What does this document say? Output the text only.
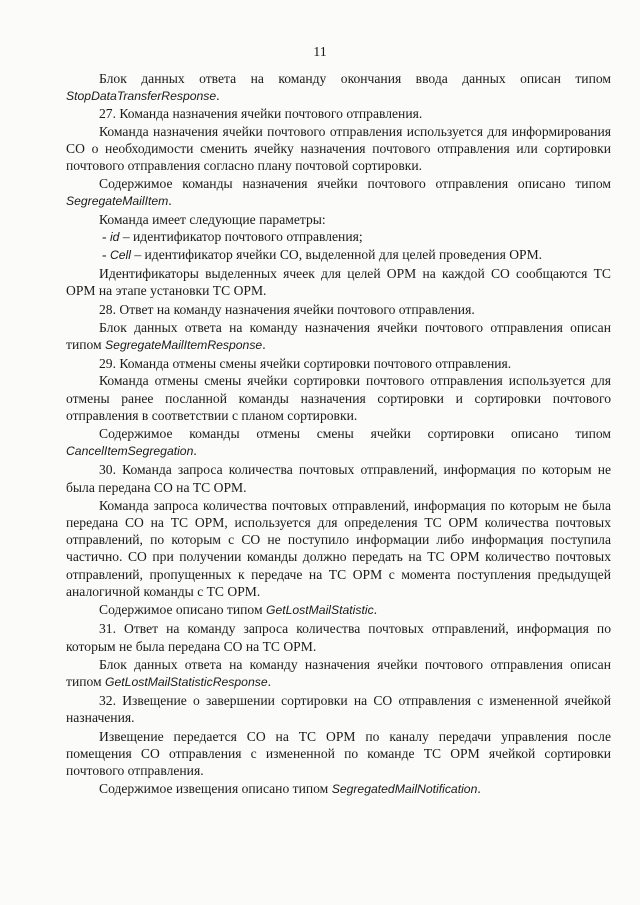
11

Блок данных ответа на команду окончания ввода данных описан типом StopDataTransferResponse.

27. Команда назначения ячейки почтового отправления.

Команда назначения ячейки почтового отправления используется для информирования СО о необходимости сменить ячейку назначения почтового отправления или сортировки почтового отправления согласно плану почтовой сортировки.

Содержимое команды назначения ячейки почтового отправления описано типом SegregateMailItem.

Команда имеет следующие параметры:

- id – идентификатор почтового отправления;

- Cell – идентификатор ячейки СО, выделенной для целей проведения ОРМ.

Идентификаторы выделенных ячеек для целей ОРМ на каждой СО сообщаются ТС ОРМ на этапе установки ТС ОРМ.

28. Ответ на команду назначения ячейки почтового отправления.

Блок данных ответа на команду назначения ячейки почтового отправления описан типом SegregateMailItemResponse.

29. Команда отмены смены ячейки сортировки почтового отправления.

Команда отмены смены ячейки сортировки почтового отправления используется для отмены ранее посланной команды назначения сортировки и сортировки почтового отправления в соответствии с планом сортировки.

Содержимое команды отмены смены ячейки сортировки описано типом CancelItemSegregation.

30. Команда запроса количества почтовых отправлений, информация по которым не была передана СО на ТС ОРМ.

Команда запроса количества почтовых отправлений, информация по которым не была передана СО на ТС ОРМ, используется для определения ТС ОРМ количества почтовых отправлений, по которым с СО не поступило информации либо информация поступила частично. СО при получении команды должно передать на ТС ОРМ количество почтовых отправлений, пропущенных к передаче на ТС ОРМ с момента поступления предыдущей аналогичной команды с ТС ОРМ.

Содержимое описано типом GetLostMailStatistic.

31. Ответ на команду запроса количества почтовых отправлений, информация по которым не была передана СО на ТС ОРМ.

Блок данных ответа на команду назначения ячейки почтового отправления описан типом GetLostMailStatisticResponse.

32. Извещение о завершении сортировки на СО отправления с измененной ячейкой назначения.

Извещение передается СО на ТС ОРМ по каналу передачи управления после помещения СО отправления с измененной по команде ТС ОРМ ячейкой сортировки почтового отправления.

Содержимое извещения описано типом SegregatedMailNotification.
